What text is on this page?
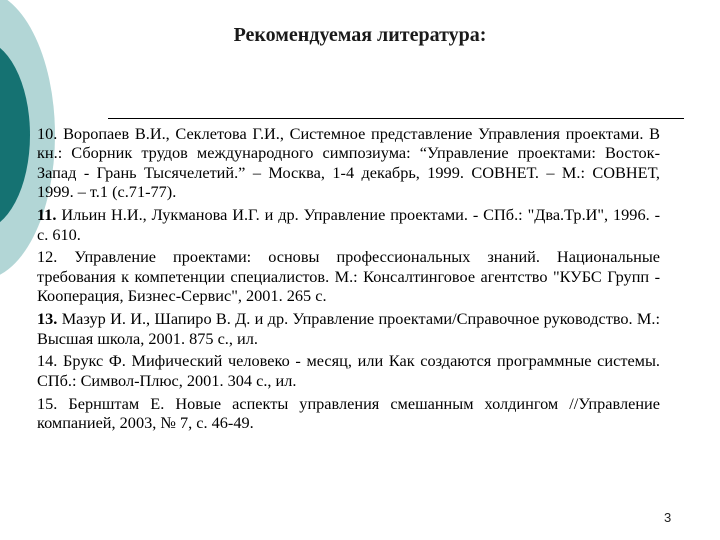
Рекомендуемая литература:

10. Воропаев В.И., Секлетова Г.И., Системное представление Управления проектами. В кн.: Сборник трудов международного симпозиума: “Управление проектами: Восток-Запад - Грань Тысячелетий.” – Москва, 1-4 декабрь, 1999. СОВНЕТ. – М.: СОВНЕТ, 1999. – т.1 (с.71-77).

11. Ильин Н.И., Лукманова И.Г. и др. Управление проектами. - СПб.: "Два.Тр.И", 1996. - с. 610.

12. Управление проектами: основы профессиональных знаний. Национальные требования к компетенции специалистов. М.: Консалтинговое агентство "КУБС Групп - Кооперация, Бизнес-Сервис", 2001. 265 с.

13. Мазур И. И., Шапиро В. Д. и др. Управление проектами/Справочное руководство. М.: Высшая школа, 2001. 875 с., ил.

14. Брукс Ф. Мифический человеко - месяц, или Как создаются программные системы. СПб.: Символ-Плюс, 2001. 304 с., ил.

15. Бернштам Е. Новые аспекты управления смешанным холдингом //Управление компанией, 2003, № 7, с. 46-49.

3
